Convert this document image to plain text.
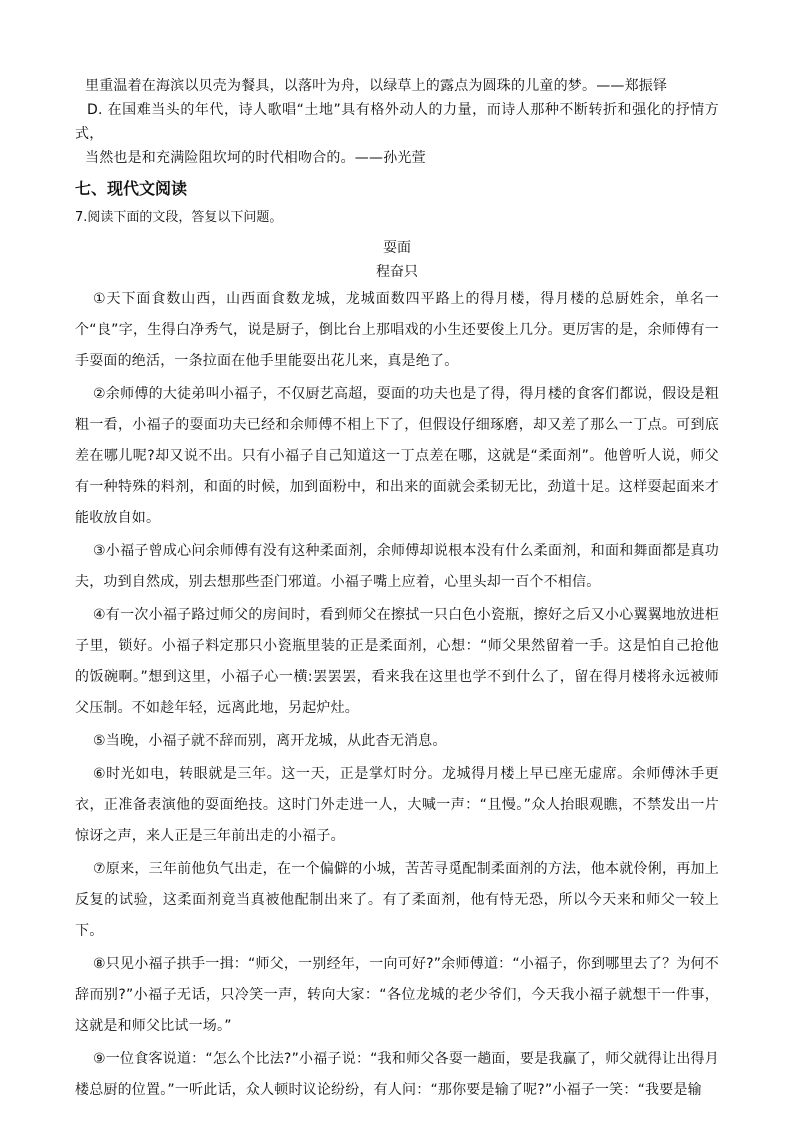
里重温着在海滨以贝壳为餐具，以落叶为舟，以绿草上的露点为圆珠的儿童的梦。——郑振铎

D. 在国难当头的年代，诗人歌唱“土地”具有格外动人的力量，而诗人那种不断转折和强化的抒情方式，

当然也是和充满险阻坎坷的时代相吻合的。——孙光萱

七、现代文阅读

7.阅读下面的文段，答复以下问题。

耍面

程奋只

①天下面食数山西，山西面食数龙城，龙城面数四平路上的得月楼，得月楼的总厨姓余，单名一个“良”字，生得白净秀气，说是厨子，倒比台上那唱戏的小生还要俊上几分。更厉害的是，余师傅有一手耍面的绝活，一条拉面在他手里能耍出花儿来，真是绝了。

②余师傅的大徒弟叫小福子，不仅厨艺高超，耍面的功夫也是了得，得月楼的食客们都说，假设是粗粗一看，小福子的耍面功夫已经和余师傅不相上下了，但假设仔细琢磨，却又差了那么一丁点。可到底差在哪儿呢?却又说不出。只有小福子自己知道这一丁点差在哪，这就是“柔面剂”。他曾听人说，师父有一种特殊的料剂，和面的时候，加到面粉中，和出来的面就会柔韧无比，劲道十足。这样耍起面来才能收放自如。

③小福子曾成心问余师傅有没有这种柔面剂，余师傅却说根本没有什么柔面剂，和面和舞面都是真功夫，功到自然成，别去想那些歪门邪道。小福子嘴上应着，心里头却一百个不相信。

④有一次小福子路过师父的房间时，看到师父在擦拭一只白色小瓷瓶，擦好之后又小心翼翼地放进柜子里，锁好。小福子料定那只小瓷瓶里装的正是柔面剂，心想：“师父果然留着一手。这是怕自己抢他的饭碗啊。”想到这里，小福子心一横:罢罢罢，看来我在这里也学不到什么了，留在得月楼将永远被师父压制。不如趁年轻，远离此地，另起炉灶。

⑤当晚，小福子就不辞而别，离开龙城，从此杳无消息。

⑥时光如电，转眼就是三年。这一天，正是掌灯时分。龙城得月楼上早已座无虚席。余师傅沐手更衣，正准备表演他的耍面绝技。这时门外走进一人，大喊一声：“且慢。”众人抬眼观瞧，不禁发出一片惊讶之声，来人正是三年前出走的小福子。

⑦原来，三年前他负气出走，在一个偏僻的小城，苦苦寻觅配制柔面剂的方法，他本就伶俐，再加上反复的试验，这柔面剂竟当真被他配制出来了。有了柔面剂，他有恃无恐，所以今天来和师父一较上下。

⑧只见小福子拱手一揖：“师父，一别经年，一向可好?”余师傅道：“小福子，你到哪里去了？为何不辞而别?”小福子无话，只冷笑一声，转向大家：“各位龙城的老少爷们，今天我小福子就想干一件事，这就是和师父比试一场。”

⑨一位食客说道：“怎么个比法?”小福子说：“我和师父各耍一趟面，要是我赢了，师父就得让出得月楼总厨的位置。”一听此话，众人顿时议论纷纷，有人问：“那你要是输了呢?”小福子一笑：“我要是输
